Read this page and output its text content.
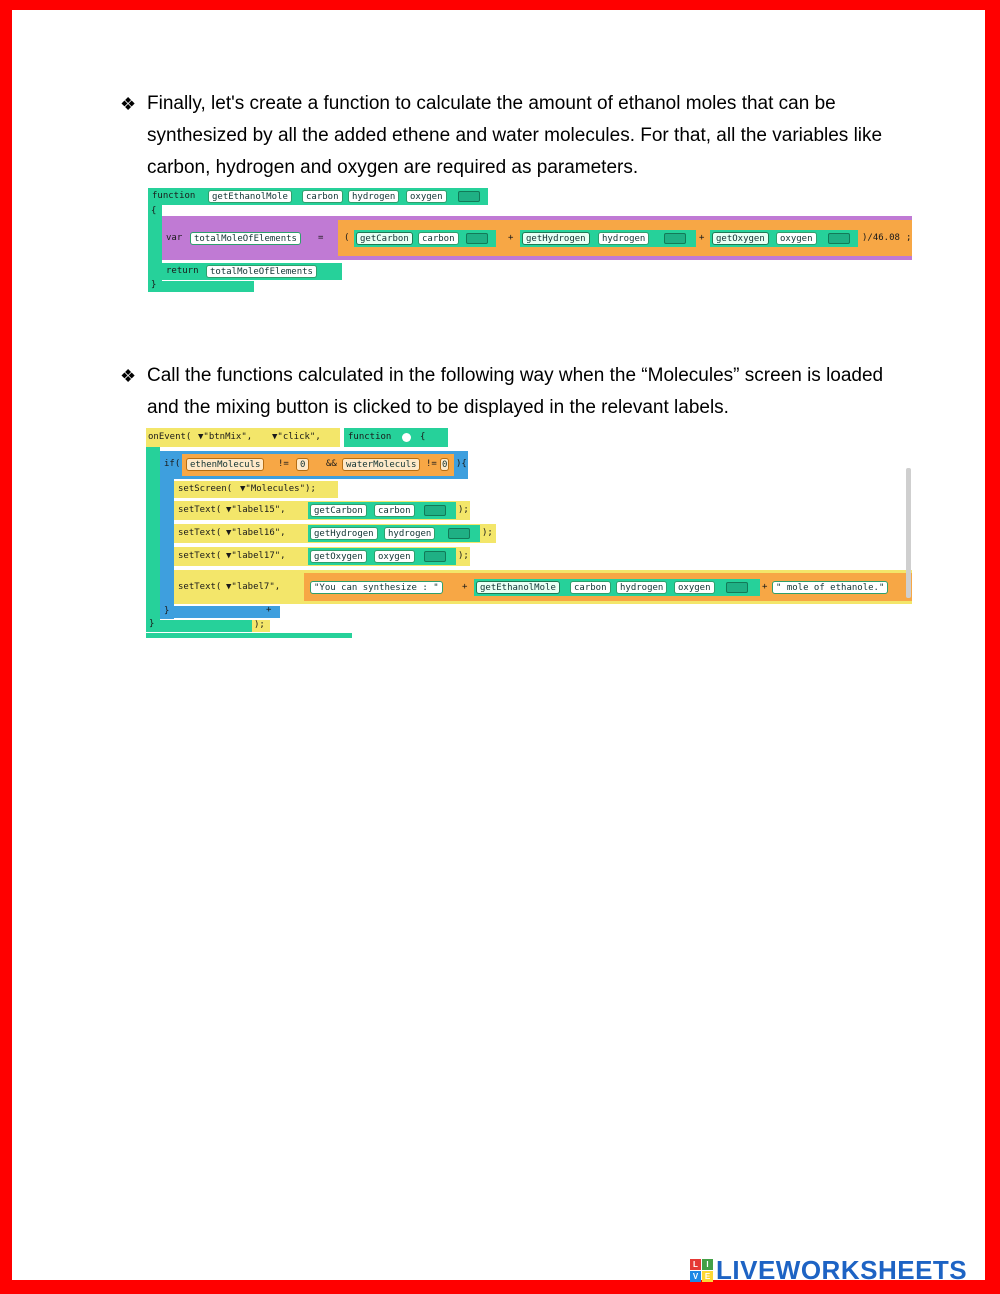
❖ Finally, let's create a function to calculate the amount of ethanol moles that can be synthesized by all the added ethene and water molecules. For that, all the variables like carbon, hydrogen and oxygen are required as parameters.

function	getEthanolMole	carbon	hydrogen	oxygen
{
}
var	totalMoleOfElements	= (	getCarbon	carbon	+	getHydrogen	hydrogen	+	getOxygen	oxygen	)/46.08 ;
return	totalMoleOfElements
❖ Call the functions calculated in the following way when the “Molecules” screen is loaded and the mixing button is clicked to be displayed in the relevant labels.

onEvent( ▼"btnMix", ▼"click",	function	{
}	);
if(	ethenMoleculs	!=	0	&&	waterMoleculs	!= 0 ){
}	+
setScreen( ▼"Molecules");
setText( ▼"label15",	getCarbon	carbon	);
setText( ▼"label16",	getHydrogen	hydrogen	);
setText( ▼"label17",	getOxygen	oxygen	);
setText( ▼"label7",	"You can synthesize : "	+	getEthanolMole	carbon	hydrogen	oxygen	+ " mole of ethanole."
L	I
V E LIVEWORKSHEETS
